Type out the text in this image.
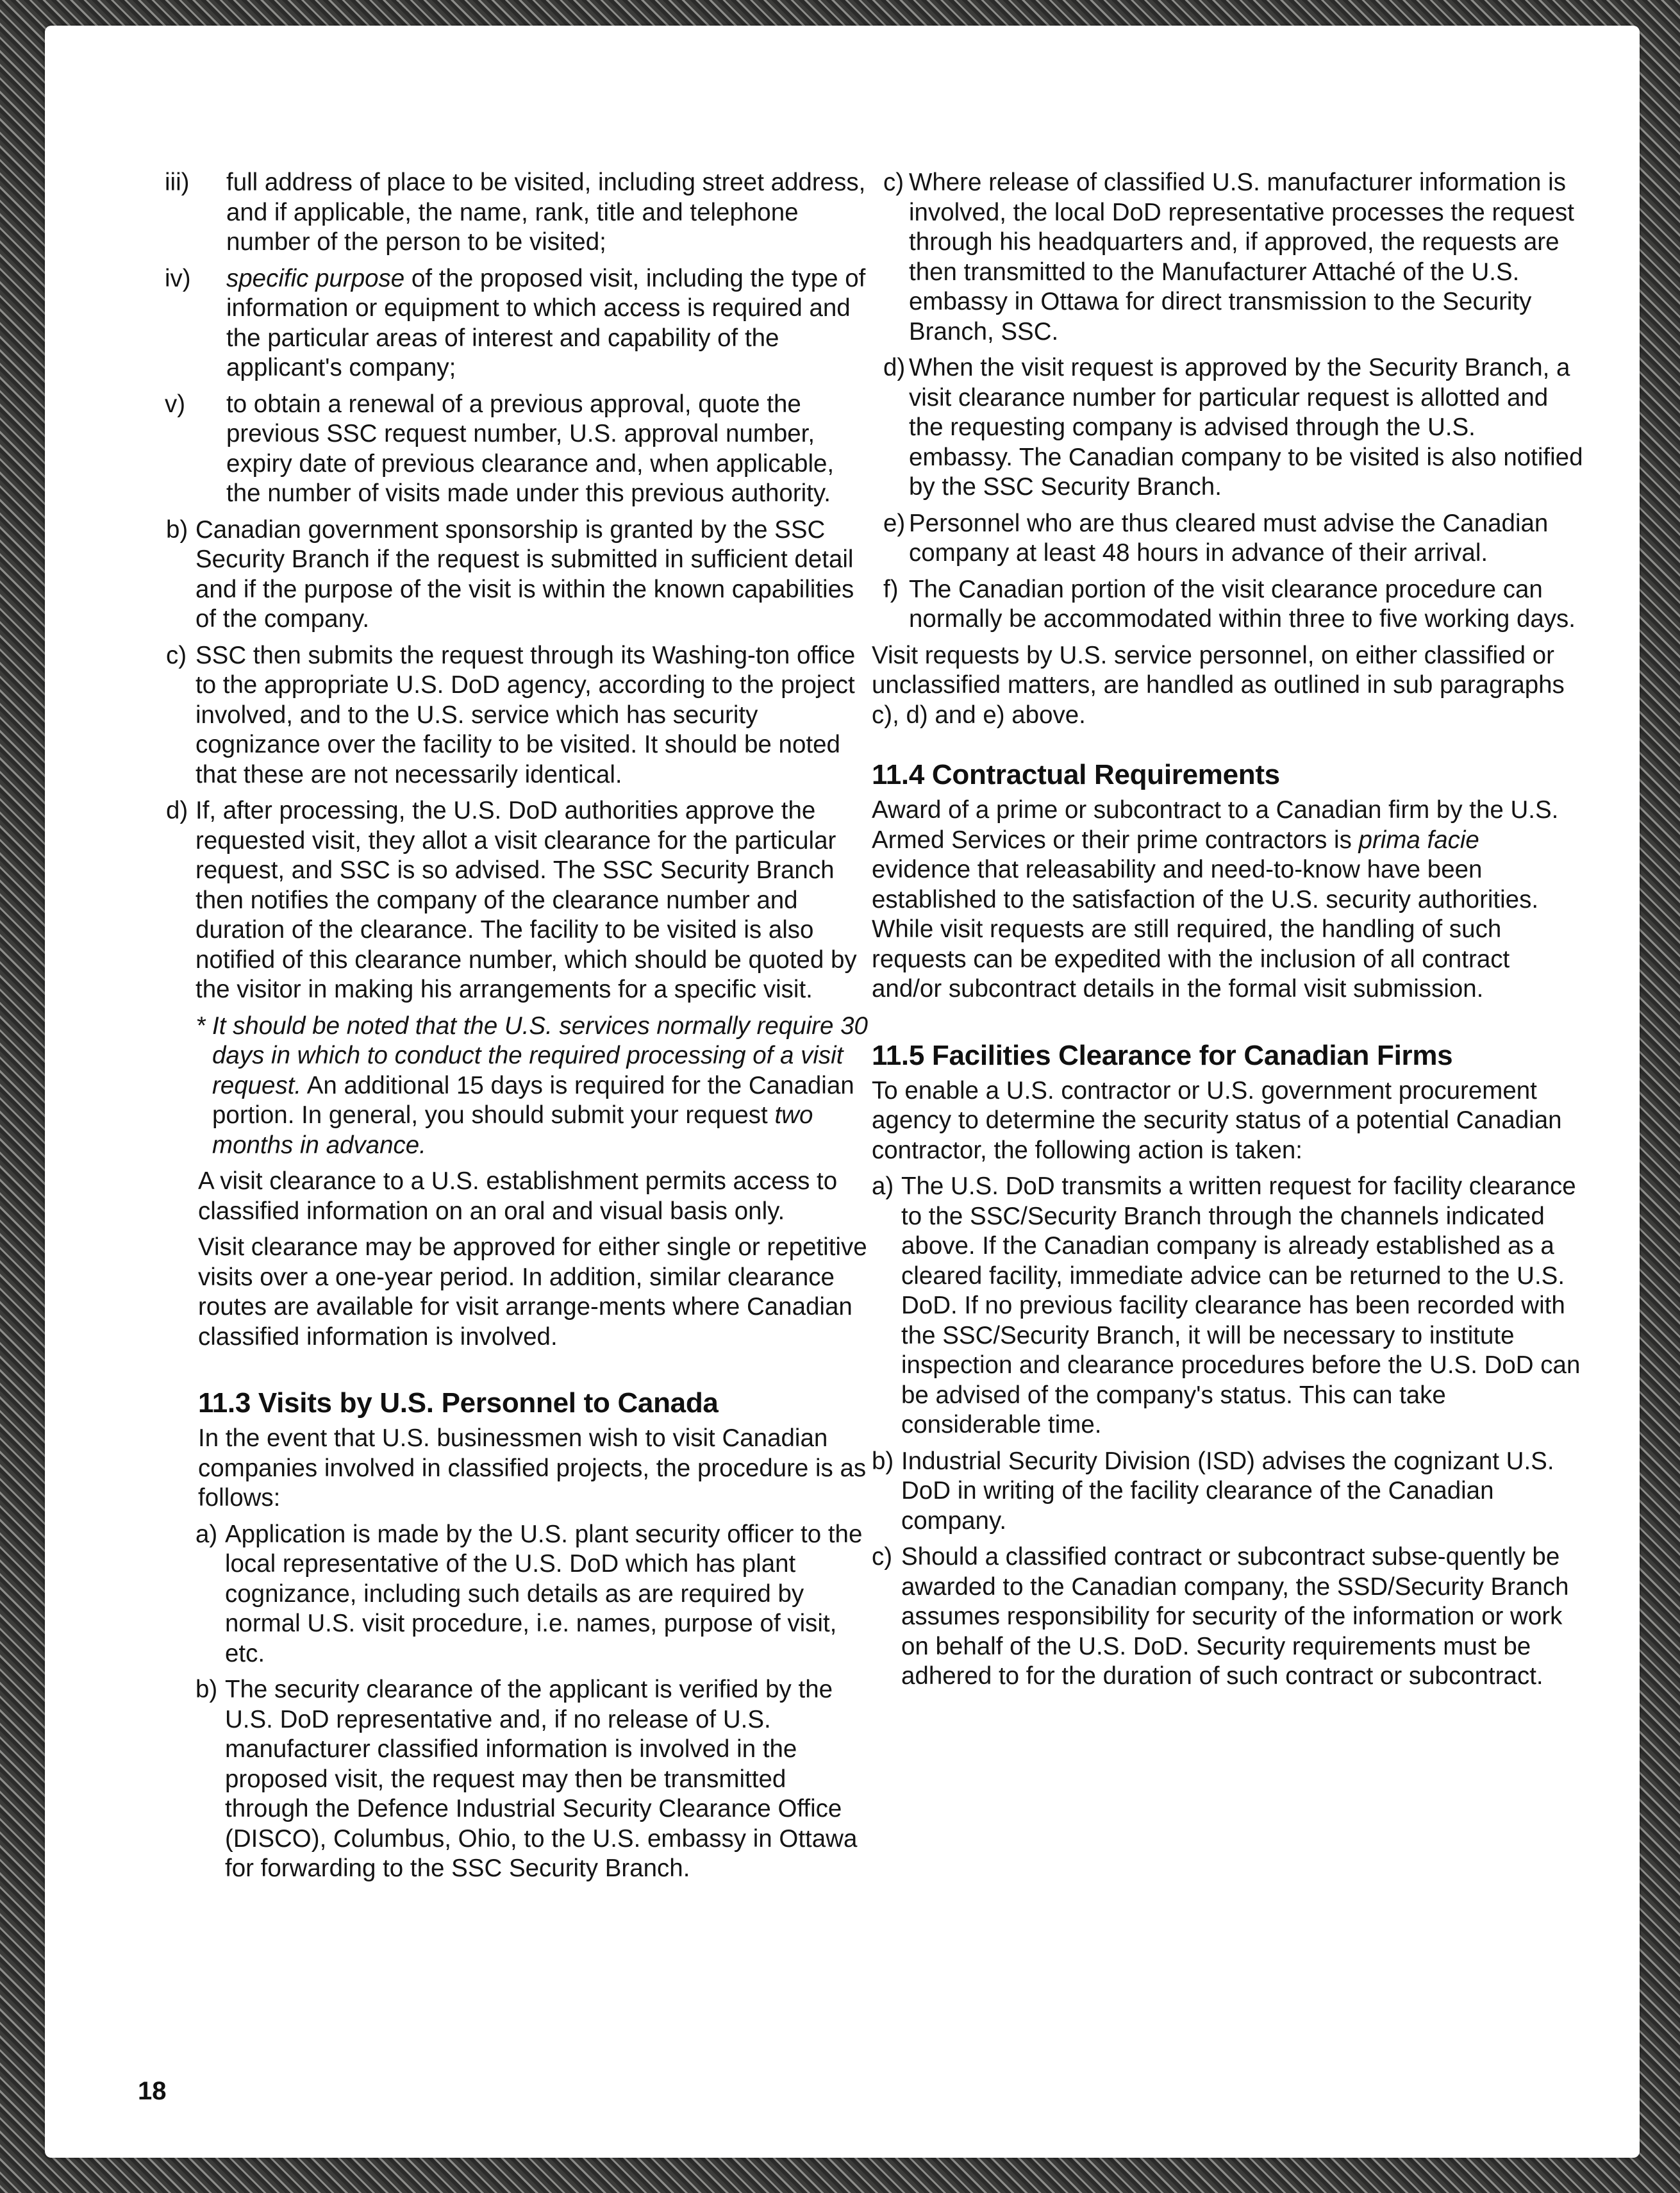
iii) full address of place to be visited, including street address, and if applicable, the name, rank, title and telephone number of the person to be visited;
iv) specific purpose of the proposed visit, including the type of information or equipment to which access is required and the particular areas of interest and capability of the applicant's company;
v) to obtain a renewal of a previous approval, quote the previous SSC request number, U.S. approval number, expiry date of previous clearance and, when applicable, the number of visits made under this previous authority.
b) Canadian government sponsorship is granted by the SSC Security Branch if the request is submitted in sufficient detail and if the purpose of the visit is within the known capabilities of the company.
c) SSC then submits the request through its Washing-ton office to the appropriate U.S. DoD agency, according to the project involved, and to the U.S. service which has security cognizance over the facility to be visited. It should be noted that these are not necessarily identical.
d) If, after processing, the U.S. DoD authorities approve the requested visit, they allot a visit clearance for the particular request, and SSC is so advised. The SSC Security Branch then notifies the company of the clearance number and duration of the clearance. The facility to be visited is also notified of this clearance number, which should be quoted by the visitor in making his arrangements for a specific visit.
* It should be noted that the U.S. services normally require 30 days in which to conduct the required processing of a visit request. An additional 15 days is required for the Canadian portion. In general, you should submit your request two months in advance.

A visit clearance to a U.S. establishment permits access to classified information on an oral and visual basis only.

Visit clearance may be approved for either single or repetitive visits over a one-year period. In addition, similar clearance routes are available for visit arrange-ments where Canadian classified information is involved.

11.3 Visits by U.S. Personnel to Canada

In the event that U.S. businessmen wish to visit Canadian companies involved in classified projects, the procedure is as follows:

a) Application is made by the U.S. plant security officer to the local representative of the U.S. DoD which has plant cognizance, including such details as are required by normal U.S. visit procedure, i.e. names, purpose of visit, etc.
b) The security clearance of the applicant is verified by the U.S. DoD representative and, if no release of U.S. manufacturer classified information is involved in the proposed visit, the request may then be transmitted through the Defence Industrial Security Clearance Office (DISCO), Columbus, Ohio, to the U.S. embassy in Ottawa for forwarding to the SSC Security Branch.
c) Where release of classified U.S. manufacturer information is involved, the local DoD representative processes the request through his headquarters and, if approved, the requests are then transmitted to the Manufacturer Attaché of the U.S. embassy in Ottawa for direct transmission to the Security Branch, SSC.
d) When the visit request is approved by the Security Branch, a visit clearance number for particular request is allotted and the requesting company is advised through the U.S. embassy. The Canadian company to be visited is also notified by the SSC Security Branch.
e) Personnel who are thus cleared must advise the Canadian company at least 48 hours in advance of their arrival.
f) The Canadian portion of the visit clearance procedure can normally be accommodated within three to five working days.

Visit requests by U.S. service personnel, on either classified or unclassified matters, are handled as outlined in sub paragraphs c), d) and e) above.

11.4 Contractual Requirements

Award of a prime or subcontract to a Canadian firm by the U.S. Armed Services or their prime contractors is prima facie evidence that releasability and need-to-know have been established to the satisfaction of the U.S. security authorities. While visit requests are still required, the handling of such requests can be expedited with the inclusion of all contract and/or subcontract details in the formal visit submission.

11.5 Facilities Clearance for Canadian Firms

To enable a U.S. contractor or U.S. government procurement agency to determine the security status of a potential Canadian contractor, the following action is taken:

a) The U.S. DoD transmits a written request for facility clearance to the SSC/Security Branch through the channels indicated above. If the Canadian company is already established as a cleared facility, immediate advice can be returned to the U.S. DoD. If no previous facility clearance has been recorded with the SSC/Security Branch, it will be necessary to institute inspection and clearance procedures before the U.S. DoD can be advised of the company's status. This can take considerable time.
b) Industrial Security Division (ISD) advises the cognizant U.S. DoD in writing of the facility clearance of the Canadian company.
c) Should a classified contract or subcontract subse-quently be awarded to the Canadian company, the SSD/Security Branch assumes responsibility for security of the information or work on behalf of the U.S. DoD. Security requirements must be adhered to for the duration of such contract or subcontract.
18
